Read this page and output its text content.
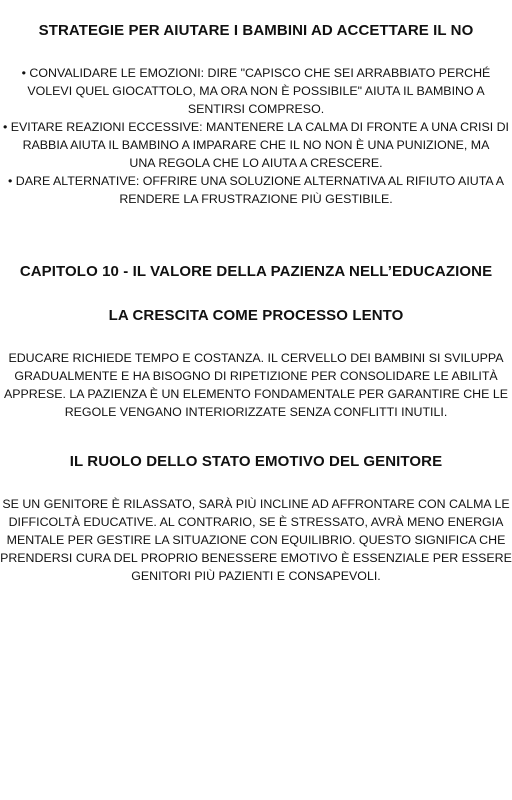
STRATEGIE PER AIUTARE I BAMBINI AD ACCETTARE IL NO
• CONVALIDARE LE EMOZIONI: DIRE "CAPISCO CHE SEI ARRABBIATO PERCHÉ
VOLEVI QUEL GIOCATTOLO, MA ORA NON È POSSIBILE" AIUTA IL BAMBINO A
SENTIRSI COMPRESO.
• EVITARE REAZIONI ECCESSIVE: MANTENERE LA CALMA DI FRONTE A UNA CRISI DI
RABBIA AIUTA IL BAMBINO A IMPARARE CHE IL NO NON È UNA PUNIZIONE, MA
UNA REGOLA CHE LO AIUTA A CRESCERE.
• DARE ALTERNATIVE: OFFRIRE UNA SOLUZIONE ALTERNATIVA AL RIFIUTO AIUTA A
RENDERE LA FRUSTRAZIONE PIÙ GESTIBILE.
CAPITOLO 10 - IL VALORE DELLA PAZIENZA NELL’EDUCAZIONE
LA CRESCITA COME PROCESSO LENTO
EDUCARE RICHIEDE TEMPO E COSTANZA. IL CERVELLO DEI BAMBINI SI SVILUPPA
GRADUALMENTE E HA BISOGNO DI RIPETIZIONE PER CONSOLIDARE LE ABILITÀ
APPRESE. LA PAZIENZA È UN ELEMENTO FONDAMENTALE PER GARANTIRE CHE LE
REGOLE VENGANO INTERIORIZZATE SENZA CONFLITTI INUTILI.
IL RUOLO DELLO STATO EMOTIVO DEL GENITORE
SE UN GENITORE È RILASSATO, SARÀ PIÙ INCLINE AD AFFRONTARE CON CALMA LE
DIFFICOLTÀ EDUCATIVE. AL CONTRARIO, SE È STRESSATO, AVRÀ MENO ENERGIA
MENTALE PER GESTIRE LA SITUAZIONE CON EQUILIBRIO. QUESTO SIGNIFICA CHE
PRENDERSI CURA DEL PROPRIO BENESSERE EMOTIVO È ESSENZIALE PER ESSERE
GENITORI PIÙ PAZIENTI E CONSAPEVOLI.
